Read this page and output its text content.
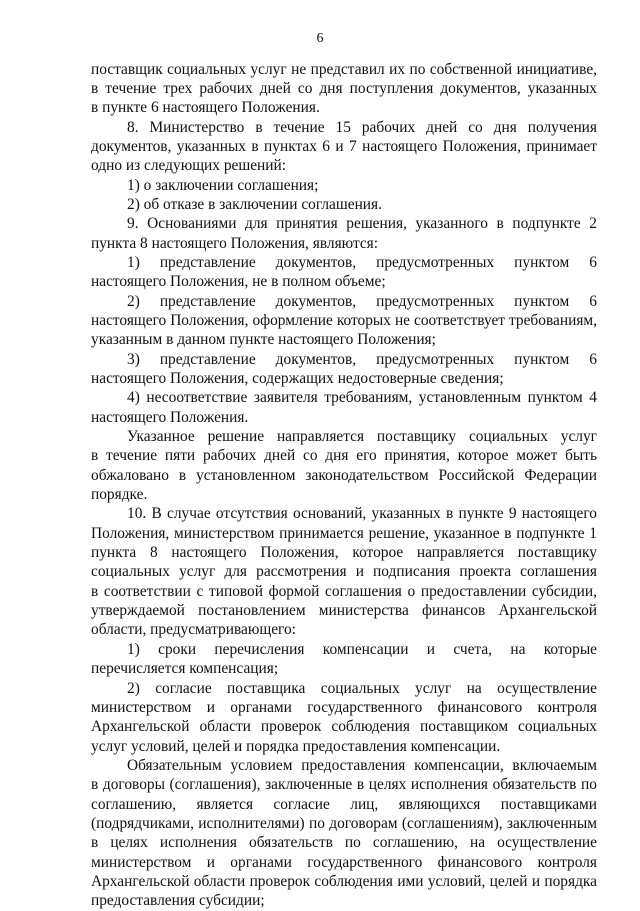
6
поставщик социальных услуг не представил их по собственной инициативе,
в течение трех рабочих дней со дня поступления документов, указанных
в пункте 6 настоящего Положения.
8. Министерство в течение 15 рабочих дней со дня получения
документов, указанных в пунктах 6 и 7 настоящего Положения, принимает
одно из следующих решений:
1) о заключении соглашения;
2) об отказе в заключении соглашения.
9. Основаниями для принятия решения, указанного в подпункте 2
пункта 8 настоящего Положения, являются:
1) представление документов, предусмотренных пунктом 6
настоящего Положения, не в полном объеме;
2) представление документов, предусмотренных пунктом 6
настоящего Положения, оформление которых не соответствует требованиям,
указанным в данном пункте настоящего Положения;
3) представление документов, предусмотренных пунктом 6
настоящего Положения, содержащих недостоверные сведения;
4) несоответствие заявителя требованиям, установленным пунктом 4
настоящего Положения.
Указанное решение направляется поставщику социальных услуг
в течение пяти рабочих дней со дня его принятия, которое может быть
обжаловано в установленном законодательством Российской Федерации
порядке.
10. В случае отсутствия оснований, указанных в пункте 9 настоящего
Положения, министерством принимается решение, указанное в подпункте 1
пункта 8 настоящего Положения, которое направляется поставщику
социальных услуг для рассмотрения и подписания проекта соглашения
в соответствии с типовой формой соглашения о предоставлении субсидии,
утверждаемой постановлением министерства финансов Архангельской
области, предусматривающего:
1) сроки перечисления компенсации и счета, на которые
перечисляется компенсация;
2) согласие поставщика социальных услуг на осуществление
министерством и органами государственного финансового контроля
Архангельской области проверок соблюдения поставщиком социальных
услуг условий, целей и порядка предоставления компенсации.
Обязательным условием предоставления компенсации, включаемым
в договоры (соглашения), заключенные в целях исполнения обязательств по
соглашению, является согласие лиц, являющихся поставщиками
(подрядчиками, исполнителями) по договорам (соглашениям), заключенным
в целях исполнения обязательств по соглашению, на осуществление
министерством и органами государственного финансового контроля
Архангельской области проверок соблюдения ими условий, целей и порядка
предоставления субсидии;
